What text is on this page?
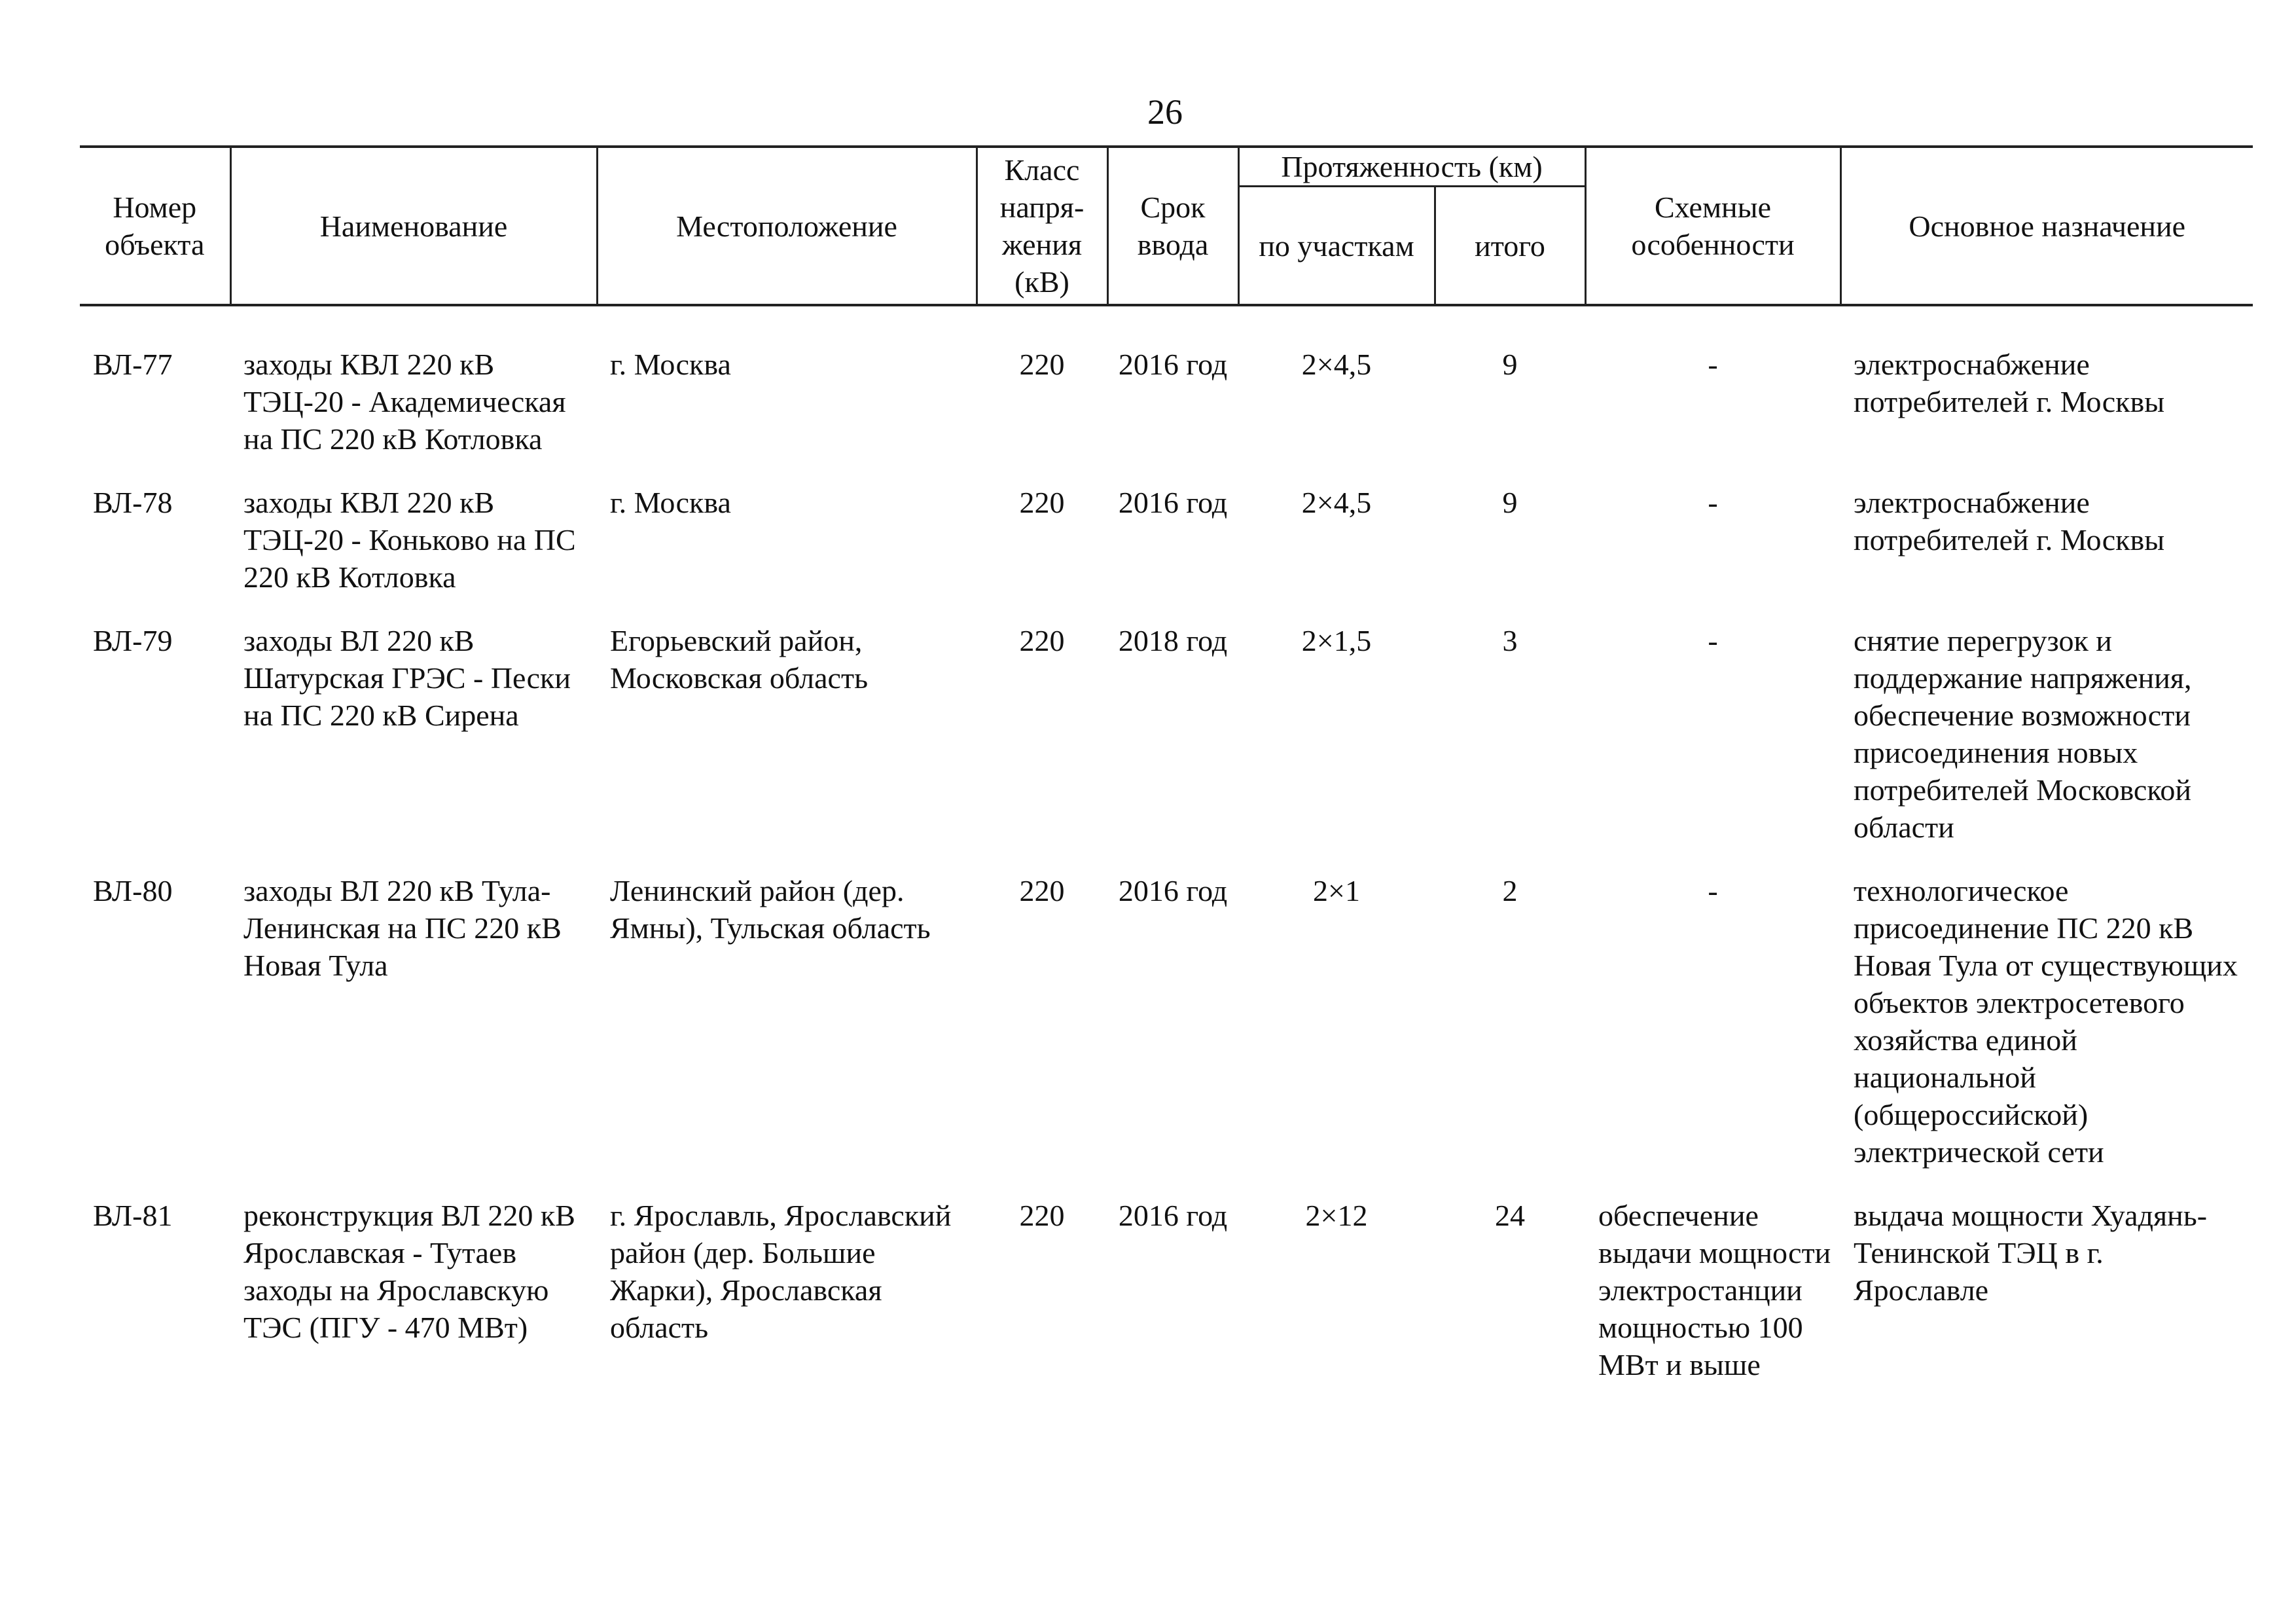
26
Номер объекта	Наименование	Местоположение	Класс напря-жения (кВ)	Срок ввода	Протяженность (км)		Схемные особенности	Основное назначение
					по участкам	итого		

ВЛ-77	заходы КВЛ 220 кВ ТЭЦ-20 - Академическая на ПС 220 кВ Котловка	г. Москва	220	2016 год	2×4,5	9	-	электроснабжение потребителей г. Москвы

ВЛ-78	заходы КВЛ 220 кВ ТЭЦ-20 - Коньково на ПС 220 кВ Котловка	г. Москва	220	2016 год	2×4,5	9	-	электроснабжение потребителей г. Москвы

ВЛ-79	заходы ВЛ 220 кВ Шатурская ГРЭС - Пески на ПС 220 кВ Сирена	Егорьевский район, Московская область	220	2018 год	2×1,5	3	-	снятие перегрузок и поддержание напряжения, обеспечение возможности присоединения новых потребителей Московской области

ВЛ-80	заходы ВЛ 220 кВ Тула-Ленинская на ПС 220 кВ Новая Тула	Ленинский район (дер. Ямны), Тульская область	220	2016 год	2×1	2	-	технологическое присоединение ПС 220 кВ Новая Тула от существующих объектов электросетевого хозяйства единой национальной (общероссийской) электрической сети

ВЛ-81	реконструкция ВЛ 220 кВ Ярославская - Тутаев заходы на Ярославскую ТЭС (ПГУ - 470 МВт)	г. Ярославль, Ярославский район (дер. Большие Жарки), Ярославская область	220	2016 год	2×12	24	обеспечение выдачи мощности электростанции мощностью 100 МВт и выше	выдача мощности Хуадянь-Тенинской ТЭЦ в г. Ярославле
